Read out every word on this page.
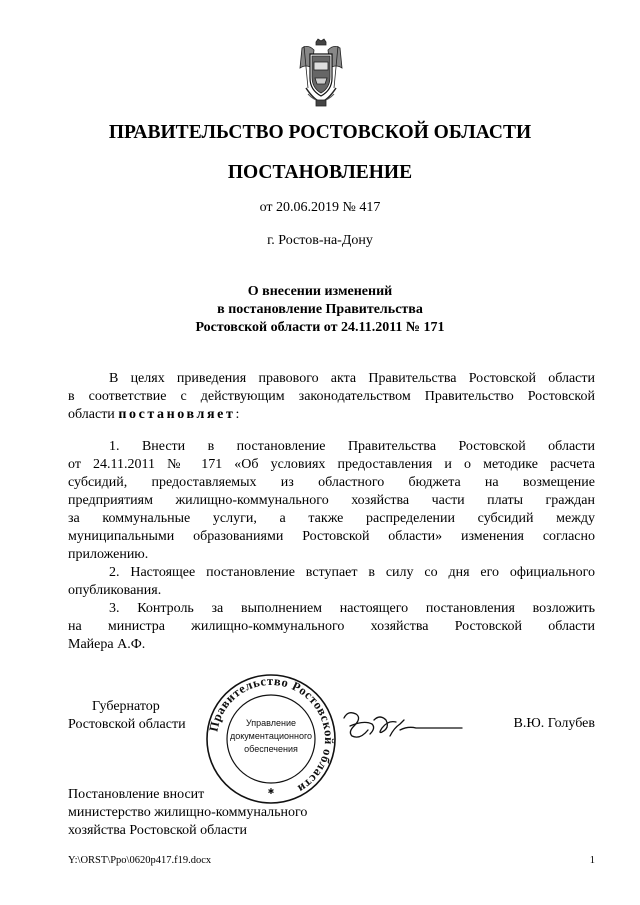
ПРАВИТЕЛЬСТВО РОСТОВСКОЙ ОБЛАСТИ
ПОСТАНОВЛЕНИЕ
от 20.06.2019 № 417
г. Ростов-на-Дону
О внесении изменений
в постановление Правительства
Ростовской области от 24.11.2011 № 171
В целях приведения правового акта Правительства Ростовской области
в соответствие с действующим законодательством Правительство Ростовской
области постановляет:
1. Внести в постановление Правительства Ростовской области
от 24.11.2011 № 171 «Об условиях предоставления и о методике расчета
субсидий, предоставляемых из областного бюджета на возмещение
предприятиям жилищно-коммунального хозяйства части платы граждан
за коммунальные услуги, а также распределении субсидий между
муниципальными образованиями Ростовской области» изменения согласно
приложению.
2. Настоящее постановление вступает в силу со дня его официального
опубликования.
3. Контроль за выполнением настоящего постановления возложить
на министра жилищно-коммунального хозяйства Ростовской области
Майера А.Ф.
Губернатор
Ростовской области Правительство Ростовской области
Управление
документационного
обеспечения
✱
В.Ю. Голубев
Постановление вносит
министерство жилищно-коммунального
хозяйства Ростовской области
Y:\ORST\Ppo\0620p417.f19.docx	1
